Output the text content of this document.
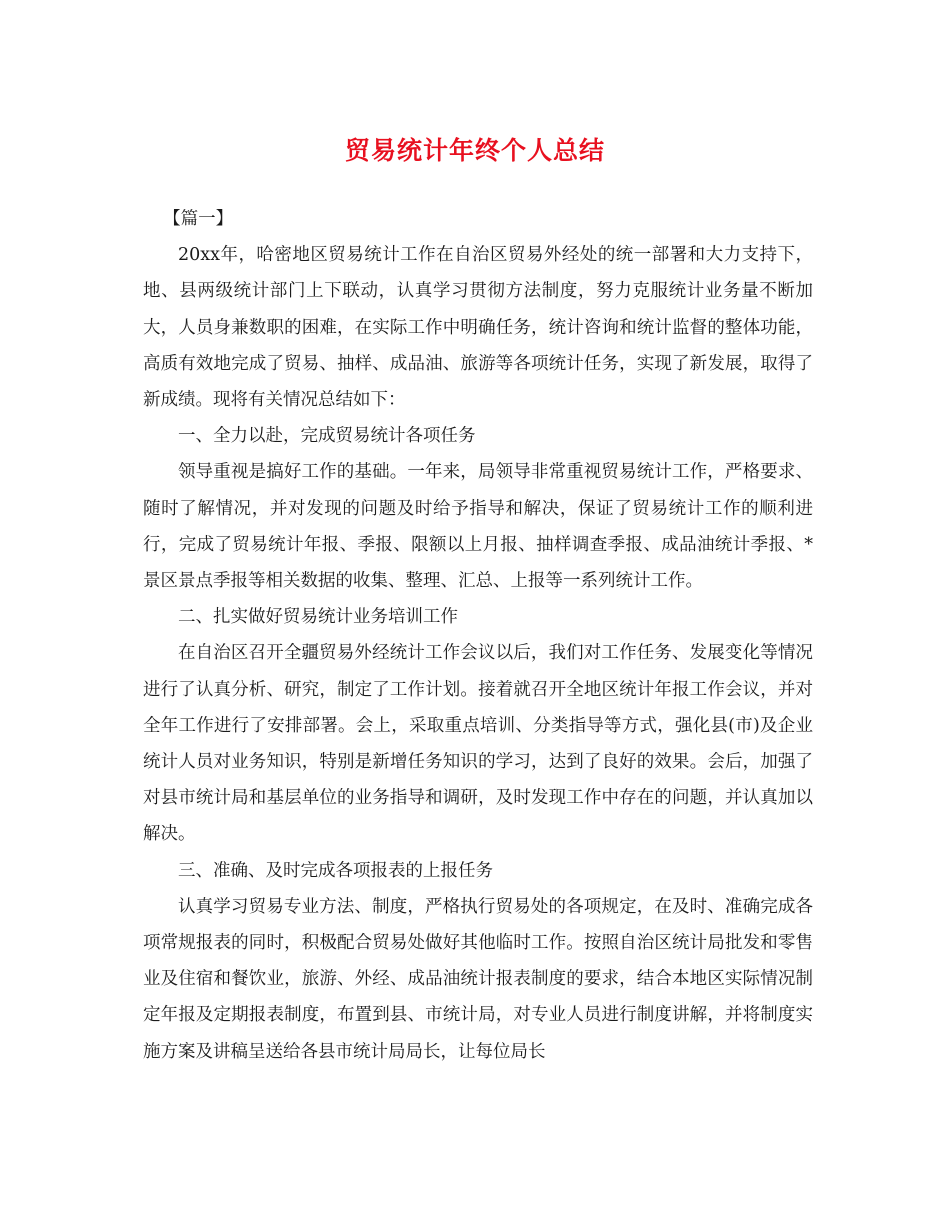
贸易统计年终个人总结

【篇一】

20xx年，哈密地区贸易统计工作在自治区贸易外经处的统一部署和大力支持下，地、县两级统计部门上下联动，认真学习贯彻方法制度，努力克服统计业务量不断加大，人员身兼数职的困难，在实际工作中明确任务，统计咨询和统计监督的整体功能，高质有效地完成了贸易、抽样、成品油、旅游等各项统计任务，实现了新发展，取得了新成绩。现将有关情况总结如下：

一、全力以赴，完成贸易统计各项任务

领导重视是搞好工作的基础。一年来，局领导非常重视贸易统计工作，严格要求、随时了解情况，并对发现的问题及时给予指导和解决，保证了贸易统计工作的顺利进行，完成了贸易统计年报、季报、限额以上月报、抽样调查季报、成品油统计季报、*景区景点季报等相关数据的收集、整理、汇总、上报等一系列统计工作。

二、扎实做好贸易统计业务培训工作

在自治区召开全疆贸易外经统计工作会议以后，我们对工作任务、发展变化等情况进行了认真分析、研究，制定了工作计划。接着就召开全地区统计年报工作会议，并对全年工作进行了安排部署。会上，采取重点培训、分类指导等方式，强化县(市)及企业统计人员对业务知识，特别是新增任务知识的学习，达到了良好的效果。会后，加强了对县市统计局和基层单位的业务指导和调研，及时发现工作中存在的问题，并认真加以解决。

三、准确、及时完成各项报表的上报任务

认真学习贸易专业方法、制度，严格执行贸易处的各项规定，在及时、准确完成各项常规报表的同时，积极配合贸易处做好其他临时工作。按照自治区统计局批发和零售业及住宿和餐饮业，旅游、外经、成品油统计报表制度的要求，结合本地区实际情况制定年报及定期报表制度，布置到县、市统计局，对专业人员进行制度讲解，并将制度实施方案及讲稿呈送给各县市统计局局长，让每位局长
